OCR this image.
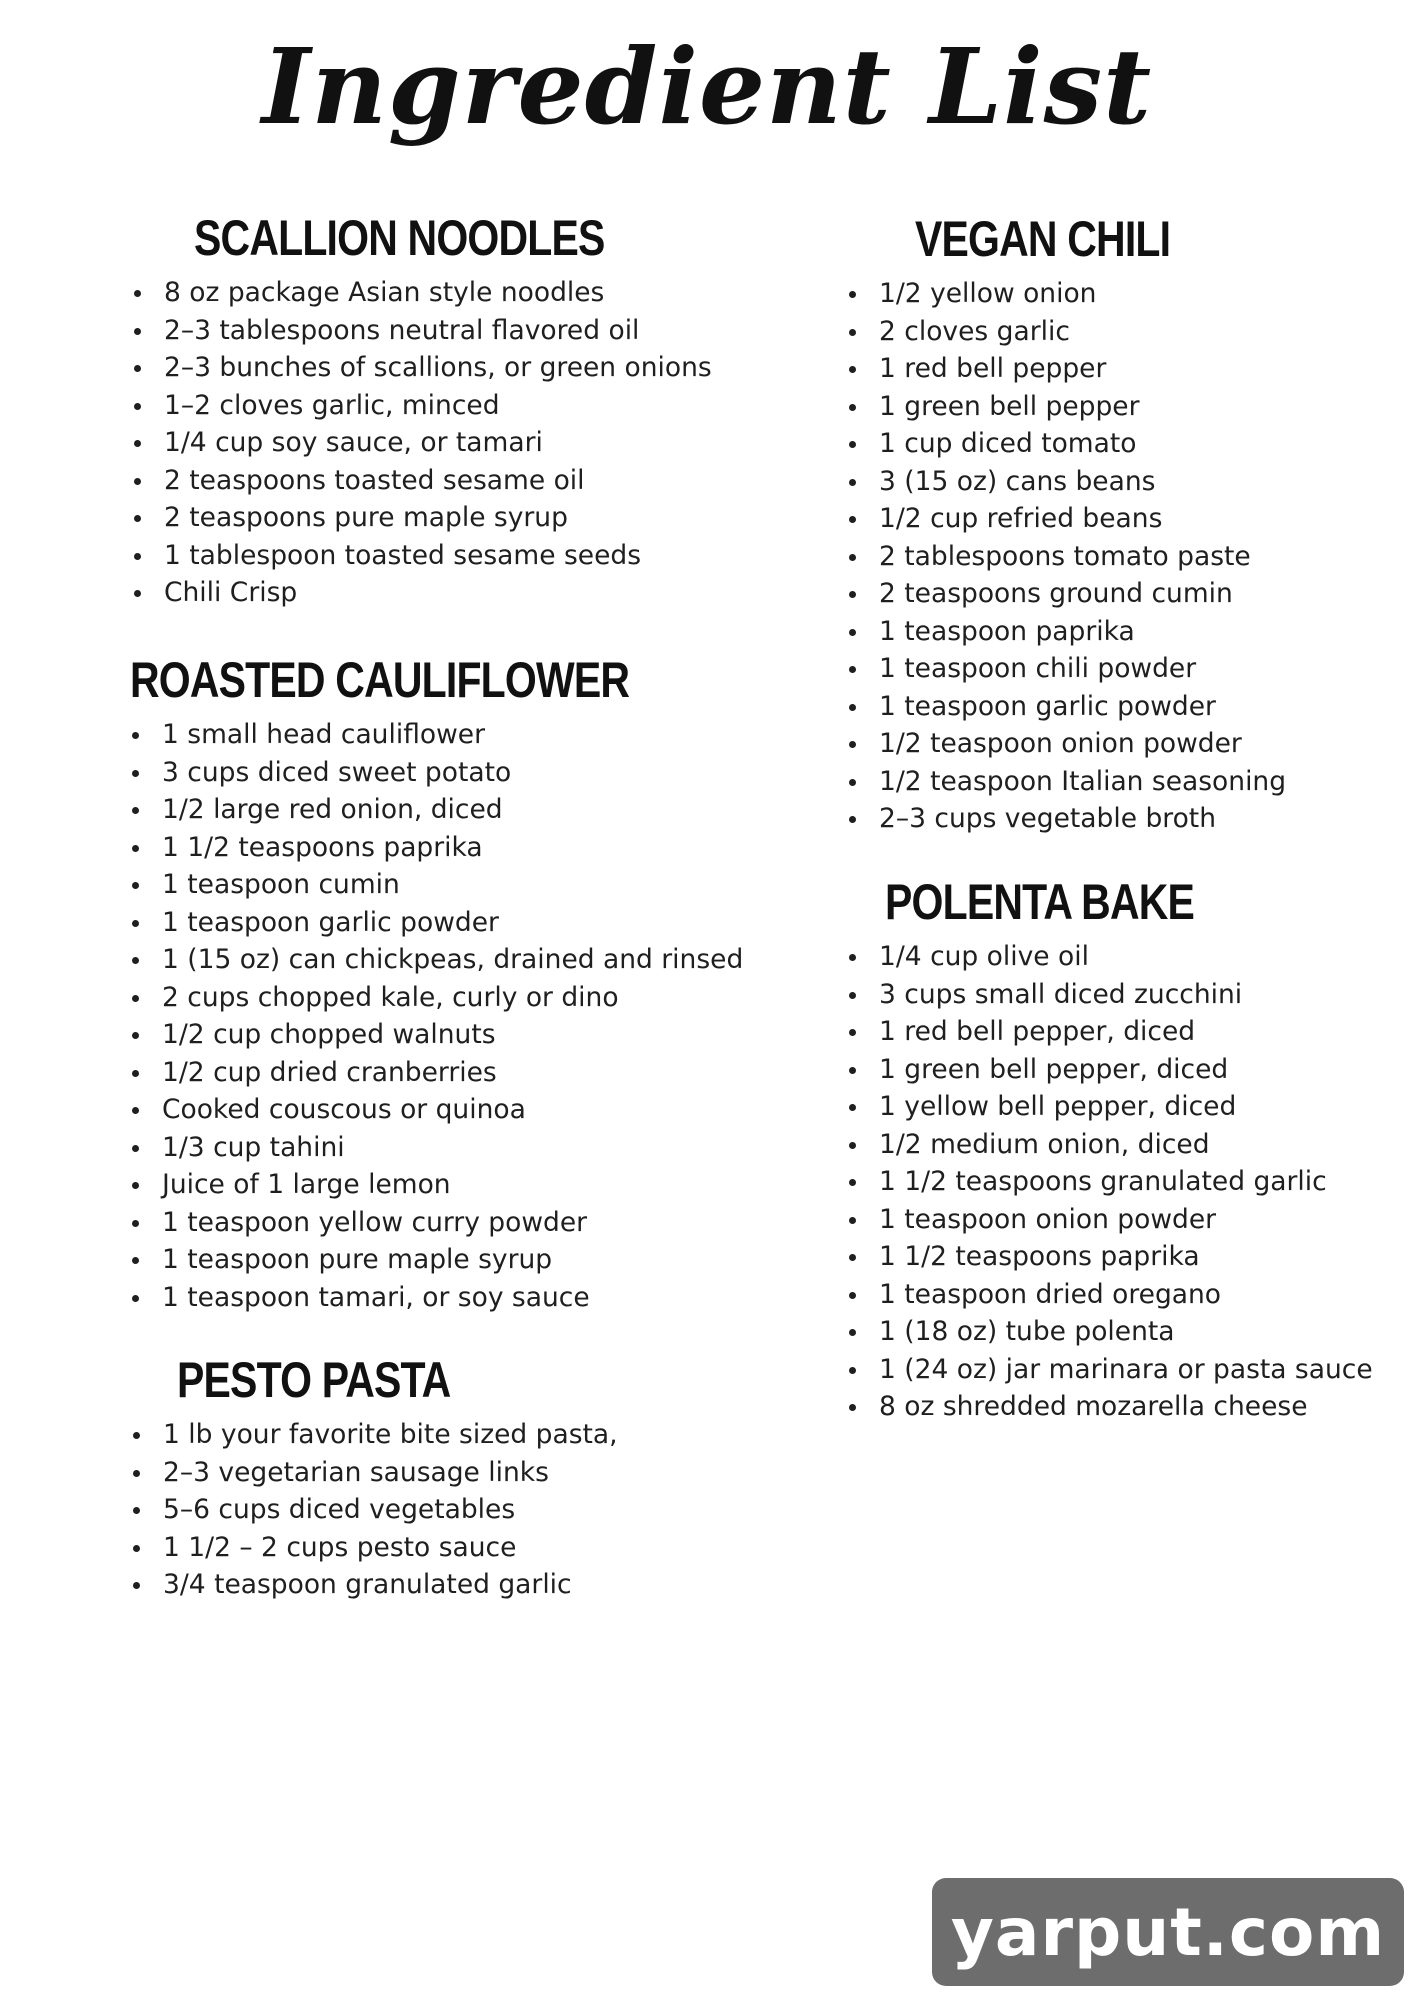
Ingredient List
SCALLION NOODLES
8 oz package Asian style noodles
2–3 tablespoons neutral flavored oil
2–3 bunches of scallions, or green onions
1–2 cloves garlic, minced
1/4 cup soy sauce, or tamari
2 teaspoons toasted sesame oil
2 teaspoons pure maple syrup
1 tablespoon toasted sesame seeds
Chili Crisp
ROASTED CAULIFLOWER
1 small head cauliflower
3 cups diced sweet potato
1/2 large red onion, diced
1 1/2 teaspoons paprika
1 teaspoon cumin
1 teaspoon garlic powder
1 (15 oz) can chickpeas, drained and rinsed
2 cups chopped kale, curly or dino
1/2 cup chopped walnuts
1/2 cup dried cranberries
Cooked couscous or quinoa
1/3 cup tahini
Juice of 1 large lemon
1 teaspoon yellow curry powder
1 teaspoon pure maple syrup
1 teaspoon tamari, or soy sauce
PESTO PASTA
1 lb your favorite bite sized pasta,
2–3 vegetarian sausage links
5–6 cups diced vegetables
1 1/2 – 2 cups pesto sauce
3/4 teaspoon granulated garlic
VEGAN CHILI
1/2 yellow onion
2 cloves garlic
1 red bell pepper
1 green bell pepper
1 cup diced tomato
3 (15 oz) cans beans
1/2 cup refried beans
2 tablespoons tomato paste
2 teaspoons ground cumin
1 teaspoon paprika
1 teaspoon chili powder
1 teaspoon garlic powder
1/2 teaspoon onion powder
1/2 teaspoon Italian seasoning
2–3 cups vegetable broth
POLENTA BAKE
1/4 cup olive oil
3 cups small diced zucchini
1 red bell pepper, diced
1 green bell pepper, diced
1 yellow bell pepper, diced
1/2 medium onion, diced
1 1/2 teaspoons granulated garlic
1 teaspoon onion powder
1 1/2 teaspoons paprika
1 teaspoon dried oregano
1 (18 oz) tube polenta
1 (24 oz) jar marinara or pasta sauce
8 oz shredded mozarella cheese
yarput.com
